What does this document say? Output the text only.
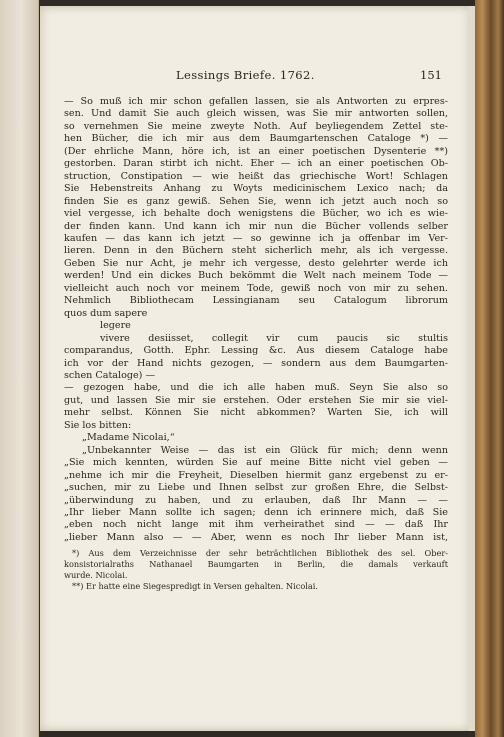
Lessings Briefe. 1762.	151
— So muß ich mir schon gefallen lassen, sie als Antworten zu erpres-
sen. Und damit Sie auch gleich wissen, was Sie mir antworten sollen,
so vernehmen Sie meine zweyte Noth. Auf beyliegendem Zettel ste-
hen Bücher, die ich mir aus dem Baumgartenschen Cataloge *) —
(Der ehrliche Mann, höre ich, ist an einer poetischen Dysenterie **)
gestorben. Daran stirbt ich nicht. Eher — ich an einer poetischen Ob-
struction, Constipation — wie heißt das griechische Wort! Schlagen
Sie Hebenstreits Anhang zu Woyts medicinischem Lexico nach; da
finden Sie es ganz gewiß. Sehen Sie, wenn ich jetzt auch noch so
viel vergesse, ich behalte doch wenigstens die Bücher, wo ich es wie-
der finden kann. Und kann ich mir nun die Bücher vollends selber
kaufen — das kann ich jetzt — so gewinne ich ja offenbar im Ver-
lieren. Denn in den Büchern steht sicherlich mehr, als ich vergesse.
Geben Sie nur Acht, je mehr ich vergesse, desto gelehrter werde ich
werden! Und ein dickes Buch bekömmt die Welt nach meinem Tode —
vielleicht auch noch vor meinem Tode, gewiß noch von mir zu sehen.
Nehmlich Bibliothecam Lessingianam seu Catalogum librorum
quos dum sapere
legere
vivere desiisset, collegit vir cum paucis sic stultis
comparandus, Gotth. Ephr. Lessing &c. Aus diesem Cataloge habe
ich vor der Hand nichts gezogen, — sondern aus dem Baumgarten-
schen Cataloge) —
— gezogen habe, und die ich alle haben muß. Seyn Sie also so
gut, und lassen Sie mir sie erstehen. Oder erstehen Sie mir sie viel-
mehr selbst. Können Sie nicht abkommen? Warten Sie, ich will
Sie los bitten:
„Madame Nicolai,“
„Unbekannter Weise — das ist ein Glück für mich; denn wenn
„Sie mich kennten, würden Sie auf meine Bitte nicht viel geben —
„nehme ich mir die Freyheit, Dieselben hiermit ganz ergebenst zu er-
„suchen, mir zu Liebe und Ihnen selbst zur großen Ehre, die Selbst-
„überwindung zu haben, und zu erlauben, daß Ihr Mann — —
„Ihr lieber Mann sollte ich sagen; denn ich erinnere mich, daß Sie
„eben noch nicht lange mit ihm verheirathet sind — — daß Ihr
„lieber Mann also — — Aber, wenn es noch Ihr lieber Mann ist,
*) Aus dem Verzeichnisse der sehr beträchtlichen Bibliothek des sel. Ober-
konsistorialraths Nathanael Baumgarten in Berlin, die damals verkauft
wurde. Nicolai.
**) Er hatte eine Siegespredigt in Versen gehalten. Nicolai.
